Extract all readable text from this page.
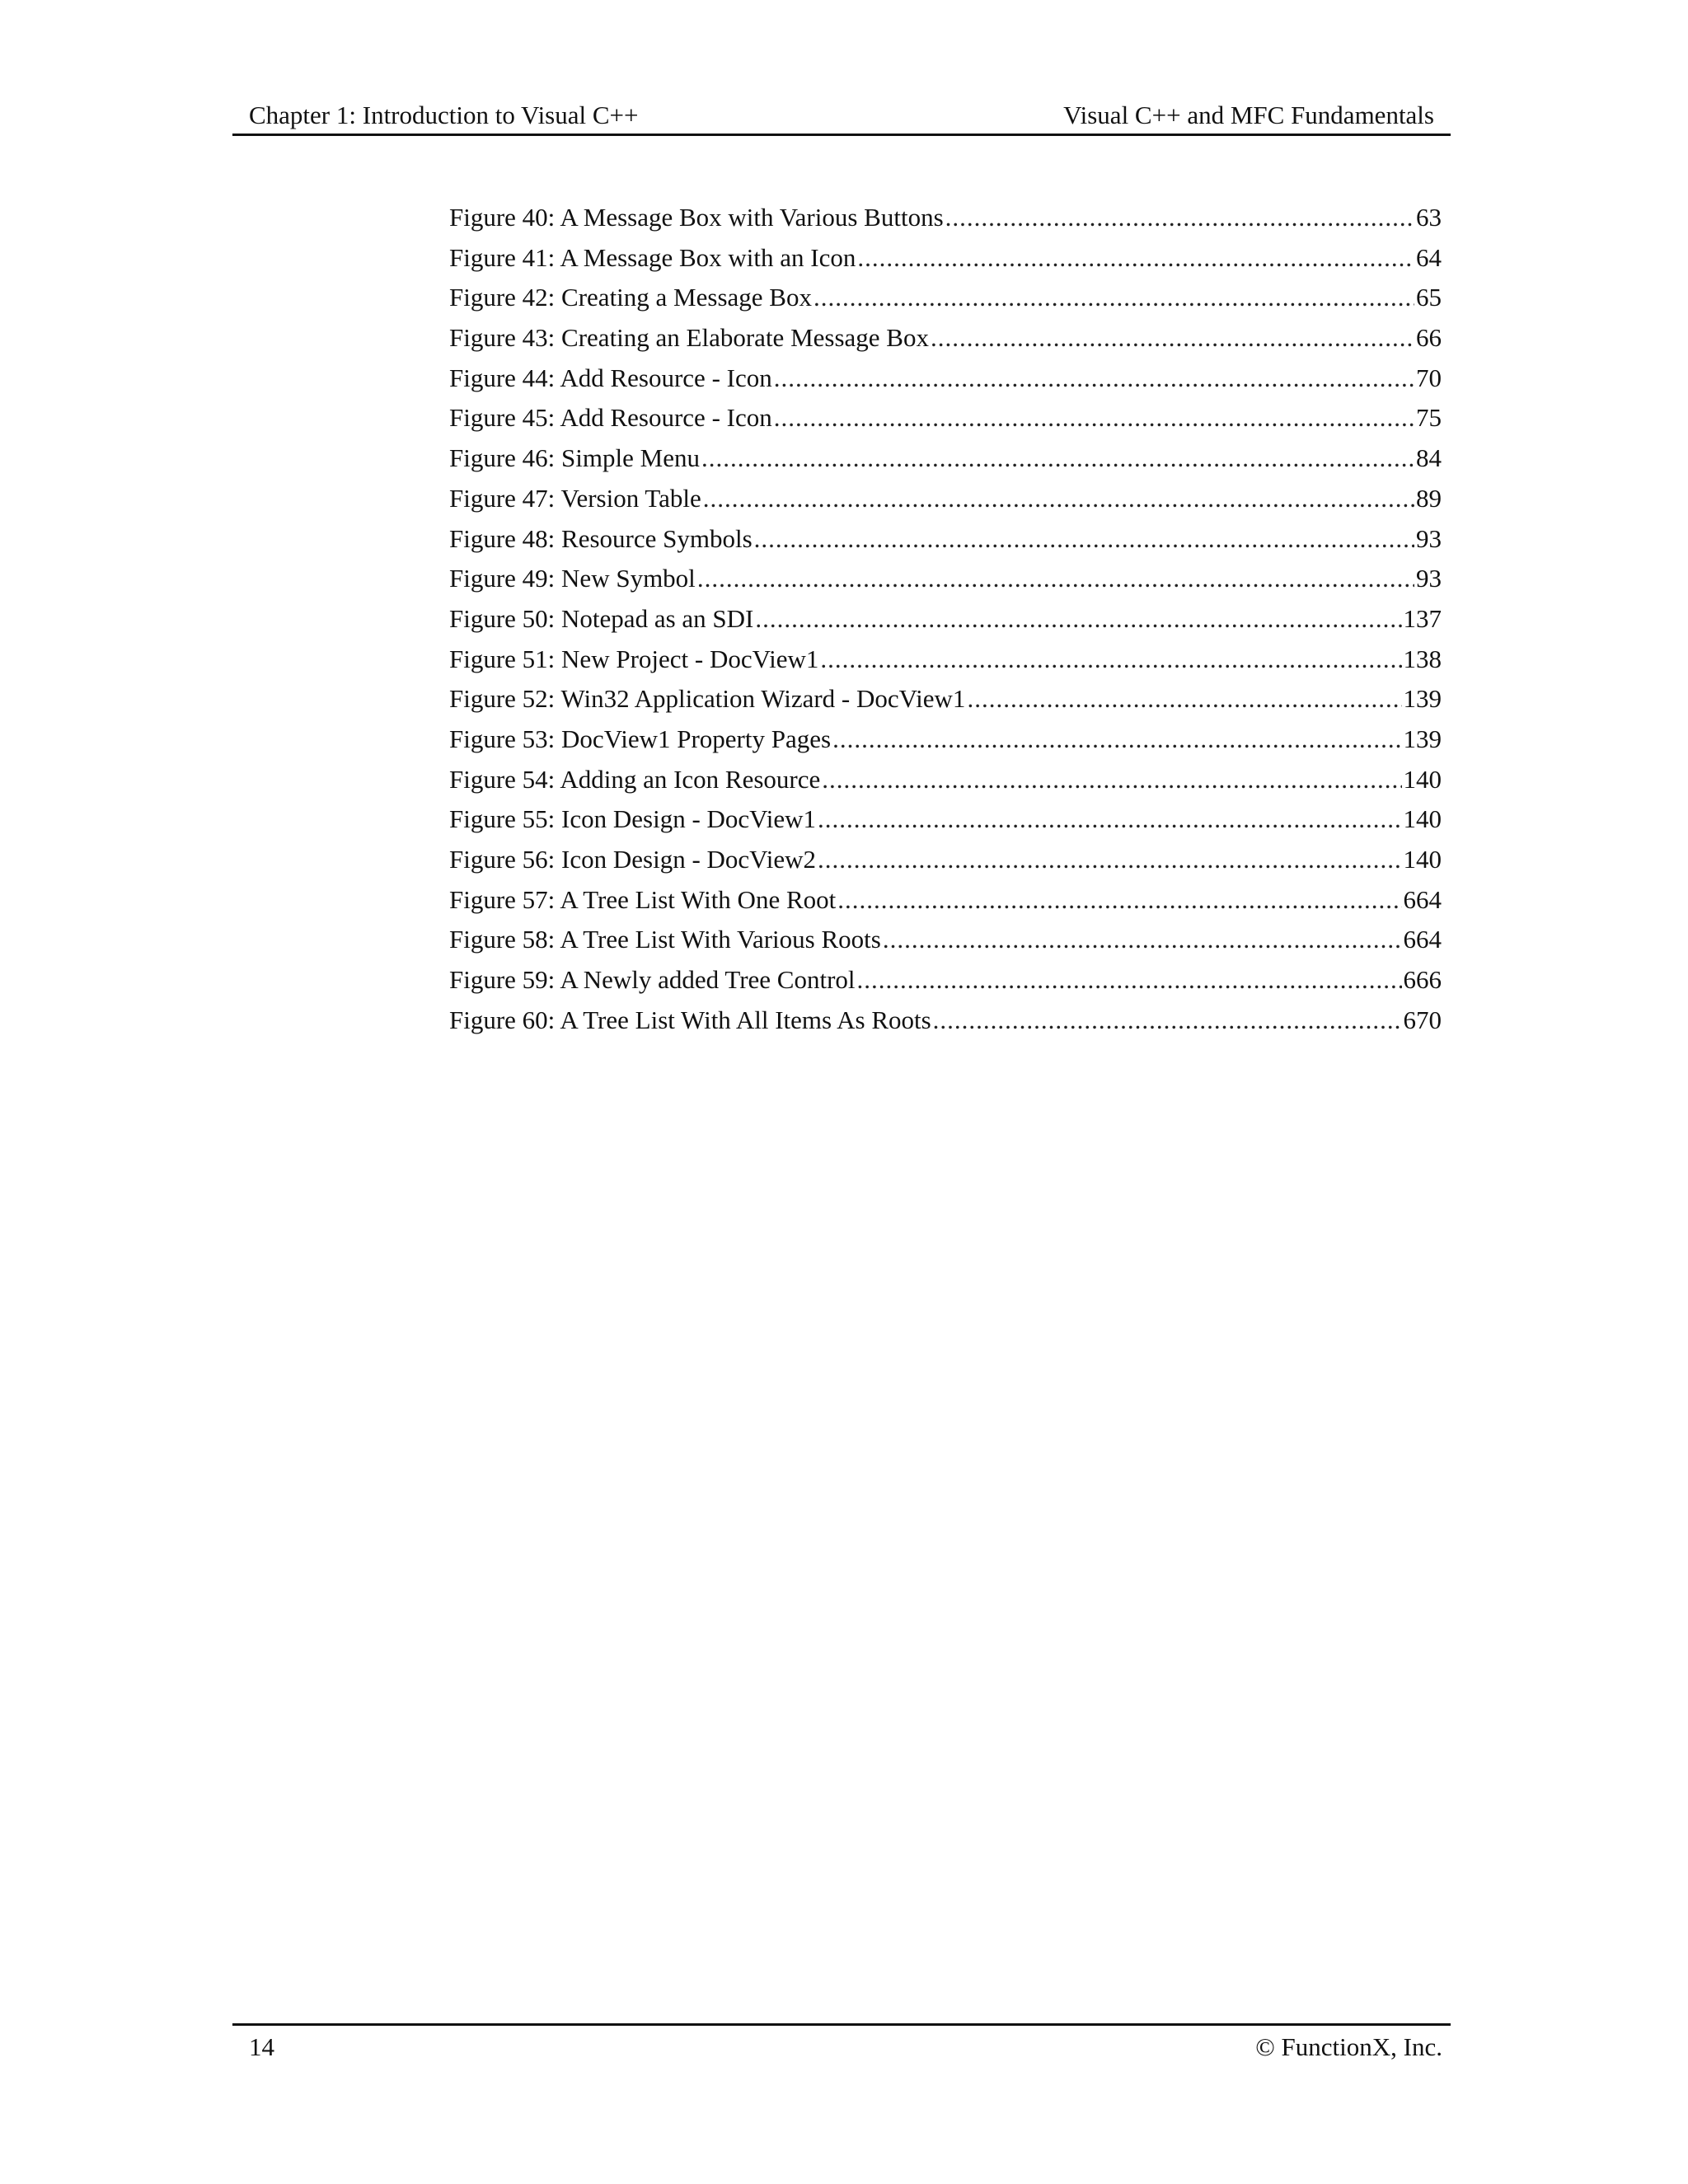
Chapter 1: Introduction to Visual C++	Visual C++ and MFC Fundamentals
Figure 40: A Message Box with Various Buttons .....	63
Figure 41: A Message Box with an Icon .....	64
Figure 42: Creating a Message Box .....	65
Figure 43: Creating an Elaborate Message Box .....	66
Figure 44: Add Resource - Icon .....	70
Figure 45: Add Resource - Icon .....	75
Figure 46: Simple Menu .....	84
Figure 47: Version Table .....	89
Figure 48: Resource Symbols .....	93
Figure 49: New Symbol .....	93
Figure 50: Notepad as an SDI .....	137
Figure 51: New Project - DocView1 .....	138
Figure 52: Win32 Application Wizard - DocView1 .....	139
Figure 53: DocView1 Property Pages .....	139
Figure 54: Adding an Icon Resource .....	140
Figure 55: Icon Design - DocView1 .....	140
Figure 56: Icon Design - DocView2 .....	140
Figure 57: A Tree List With One Root .....	664
Figure 58: A Tree List With Various Roots .....	664
Figure 59: A Newly added Tree Control .....	666
Figure 60: A Tree List With All Items As Roots .....	670
14	© FunctionX, Inc.
